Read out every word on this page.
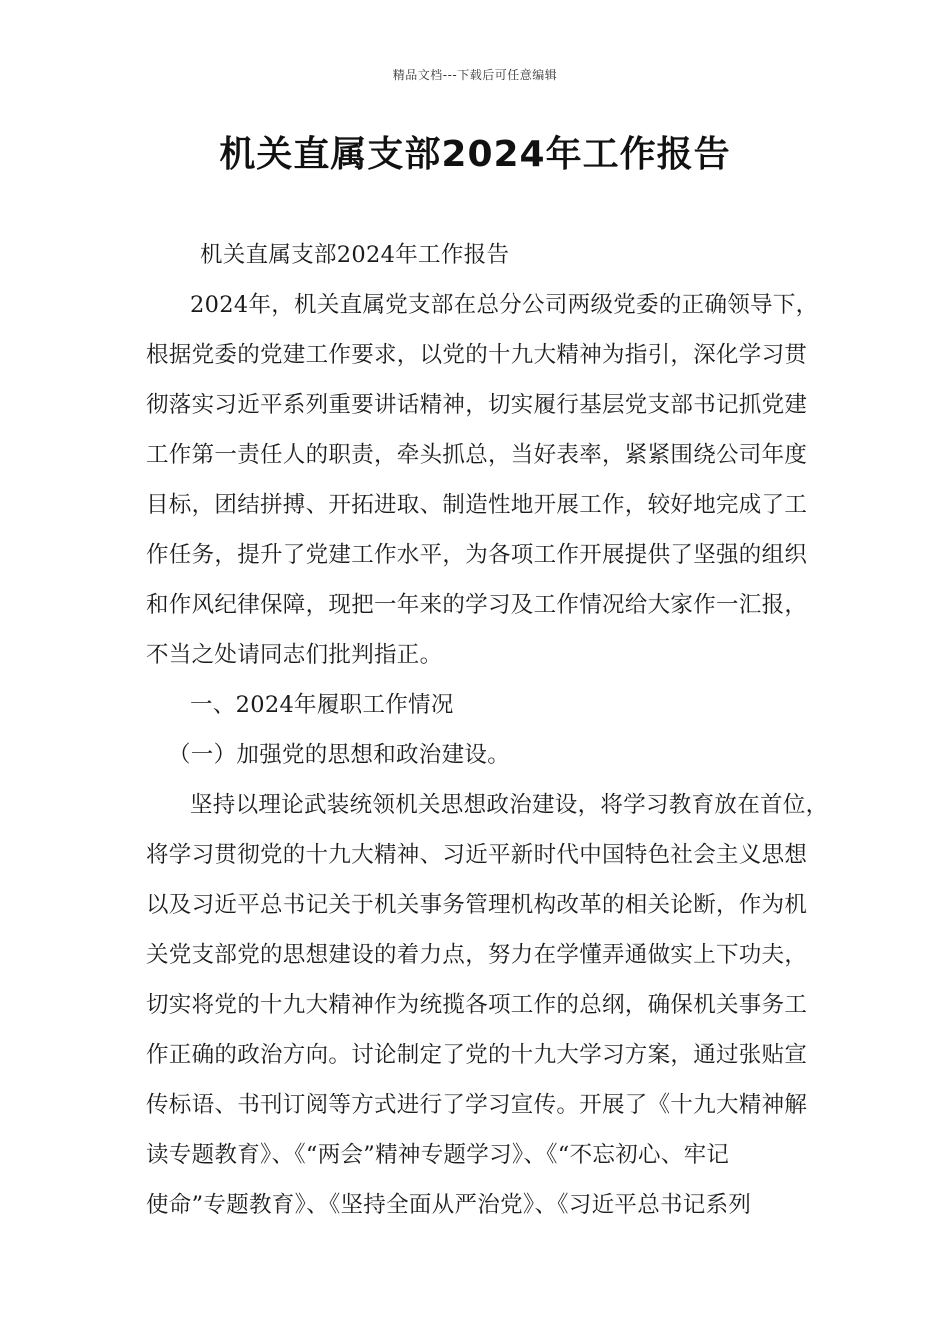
精品文档---下载后可任意编辑
机关直属支部2024年工作报告
机关直属支部2024年工作报告
2024年，机关直属党支部在总分公司两级党委的正确领导下，
根据党委的党建工作要求，以党的十九大精神为指引，深化学习贯
彻落实习近平系列重要讲话精神，切实履行基层党支部书记抓党建
工作第一责任人的职责，牵头抓总，当好表率，紧紧围绕公司年度
目标，团结拼搏、开拓进取、制造性地开展工作，较好地完成了工
作任务，提升了党建工作水平，为各项工作开展提供了坚强的组织
和作风纪律保障，现把一年来的学习及工作情况给大家作一汇报，
不当之处请同志们批判指正。
一、2024年履职工作情况
（一）加强党的思想和政治建设。
坚持以理论武装统领机关思想政治建设，将学习教育放在首位，
将学习贯彻党的十九大精神、习近平新时代中国特色社会主义思想
以及习近平总书记关于机关事务管理机构改革的相关论断，作为机
关党支部党的思想建设的着力点，努力在学懂弄通做实上下功夫，
切实将党的十九大精神作为统揽各项工作的总纲，确保机关事务工
作正确的政治方向。讨论制定了党的十九大学习方案，通过张贴宣
传标语、书刊订阅等方式进行了学习宣传。开展了《十九大精神解
读专题教育》、《“两会”精神专题学习》、《“不忘初心、牢记
使命”专题教育》、《坚持全面从严治党》、《习近平总书记系列
